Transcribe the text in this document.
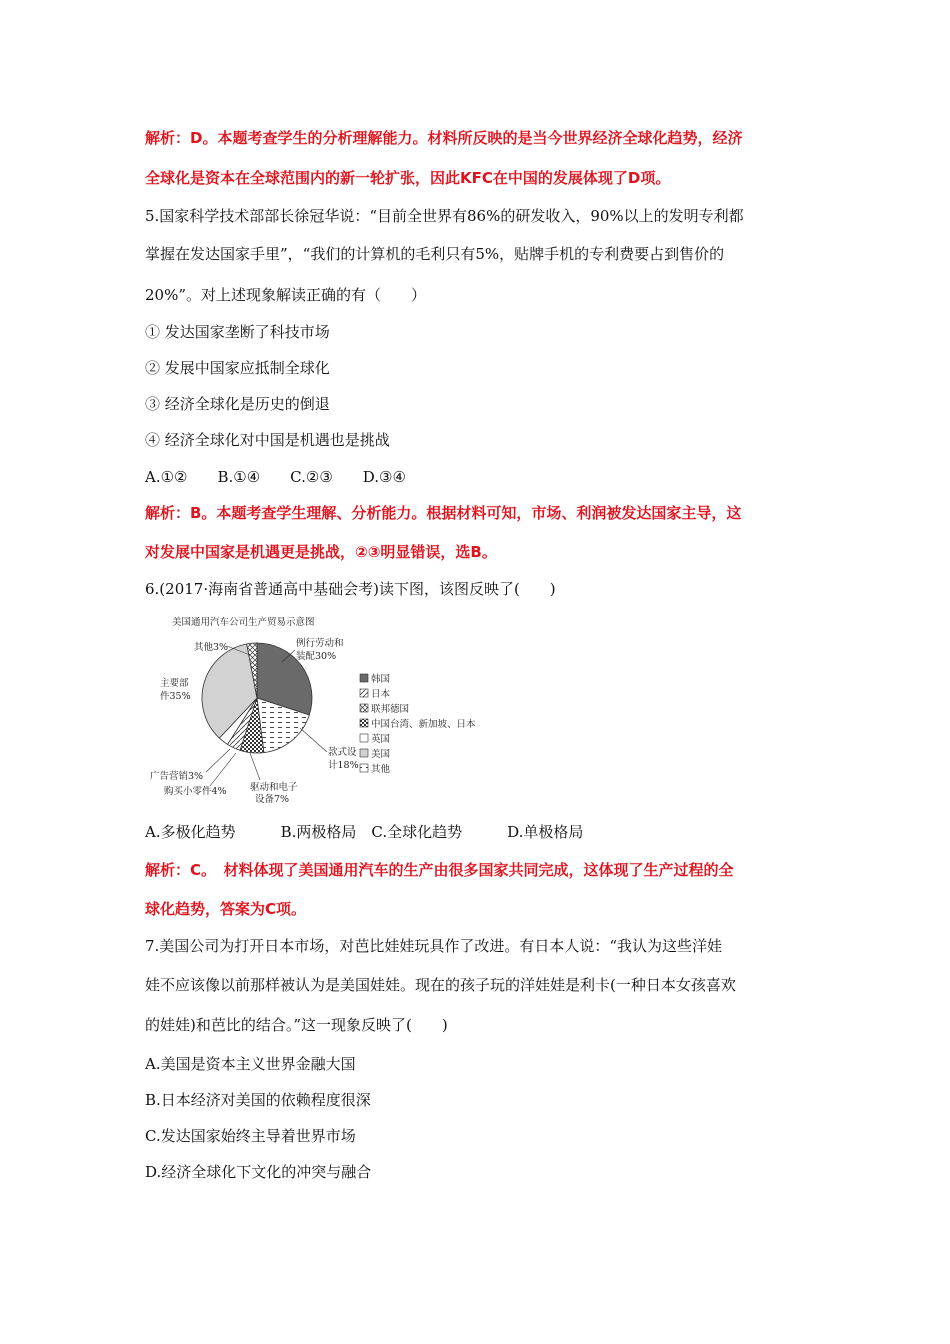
解析：D。本题考查学生的分析理解能力。材料所反映的是当今世界经济全球化趋势，经济
全球化是资本在全球范围内的新一轮扩张，因此KFC在中国的发展体现了D项。
5.国家科学技术部部长徐冠华说：“目前全世界有86%的研发收入，90%以上的发明专利都
掌握在发达国家手里”，“我们的计算机的毛利只有5%，贴牌手机的专利费要占到售价的
20%”。对上述现象解读正确的有（　　）
① 发达国家垄断了科技市场
② 发展中国家应抵制全球化
③ 经济全球化是历史的倒退
④ 经济全球化对中国是机遇也是挑战
A.①②　　B.①④　　C.②③　　D.③④
解析：B。本题考查学生理解、分析能力。根据材料可知，市场、利润被发达国家主导，这
对发展中国家是机遇更是挑战，②③明显错误，选B。
6.(2017·海南省普通高中基础会考)读下图，该图反映了(　　)
美国通用汽车公司生产贸易示意图
例行劳动和
装配30%
款式设
计18%
驱动和电子
设备7%
购买小零件4%
广告营销3%
主要部
件35%
其他3%
韩国
日本
联邦德国
中国台湾、新加坡、日本
英国
美国
其他
A.多极化趋势　　　B.两极格局　C.全球化趋势　　　D.单极格局
解析：C。　材料体现了美国通用汽车的生产由很多国家共同完成，这体现了生产过程的全
球化趋势，答案为C项。
7.美国公司为打开日本市场，对芭比娃娃玩具作了改进。有日本人说：“我认为这些洋娃
娃不应该像以前那样被认为是美国娃娃。现在的孩子玩的洋娃娃是利卡(一种日本女孩喜欢
的娃娃)和芭比的结合。”这一现象反映了(　　)
A.美国是资本主义世界金融大国
B.日本经济对美国的依赖程度很深
C.发达国家始终主导着世界市场
D.经济全球化下文化的冲突与融合
